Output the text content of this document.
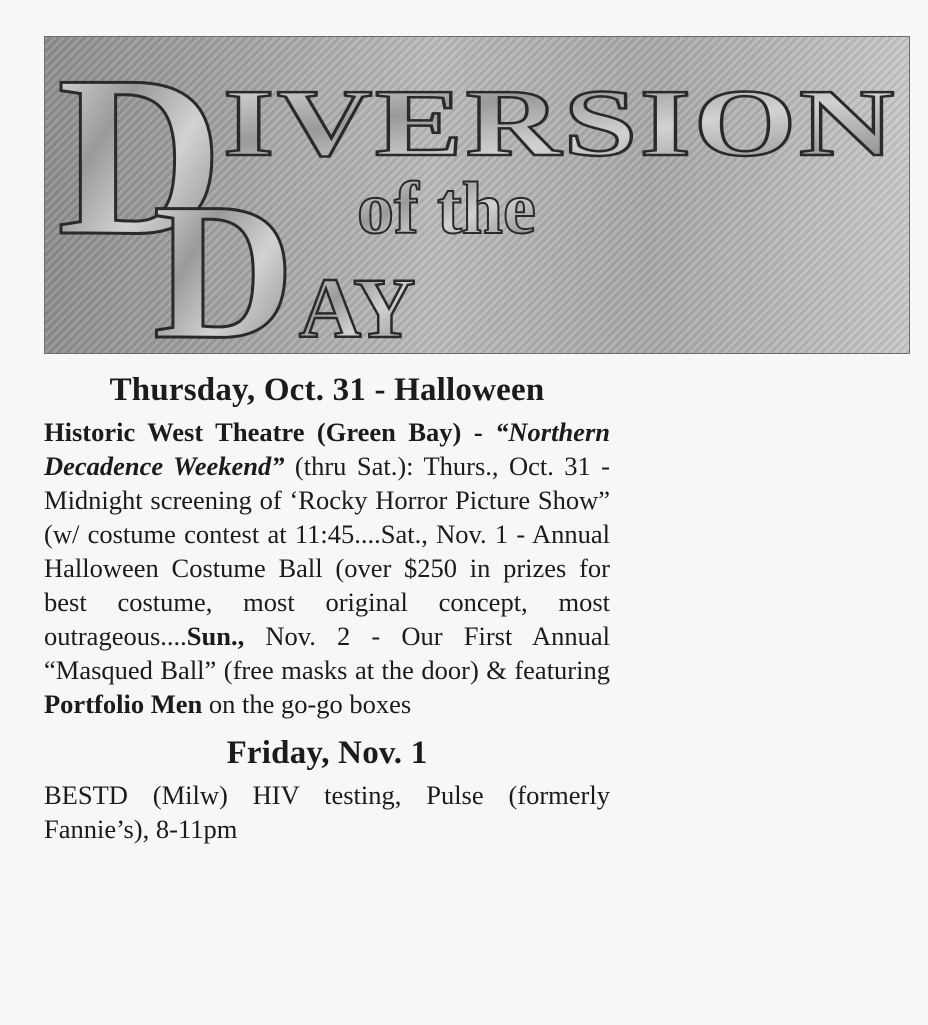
D IVERSION
of the
D AY
Thursday, Oct. 31 - Halloween

Historic West Theatre (Green Bay) - “Northern Decadence Weekend” (thru Sat.): Thurs., Oct. 31 - Midnight screening of ‘Rocky Horror Picture Show” (w/ costume contest at 11:45....Sat., Nov. 1 - Annual Halloween Costume Ball (over $250 in prizes for best costume, most original concept, most outrageous....Sun., Nov. 2 - Our First Annual “Masqued Ball” (free masks at the door) & featuring Portfolio Men on the go-go boxes

Friday, Nov. 1

BESTD (Milw) HIV testing, Pulse (formerly Fannie’s), 8-11pm
